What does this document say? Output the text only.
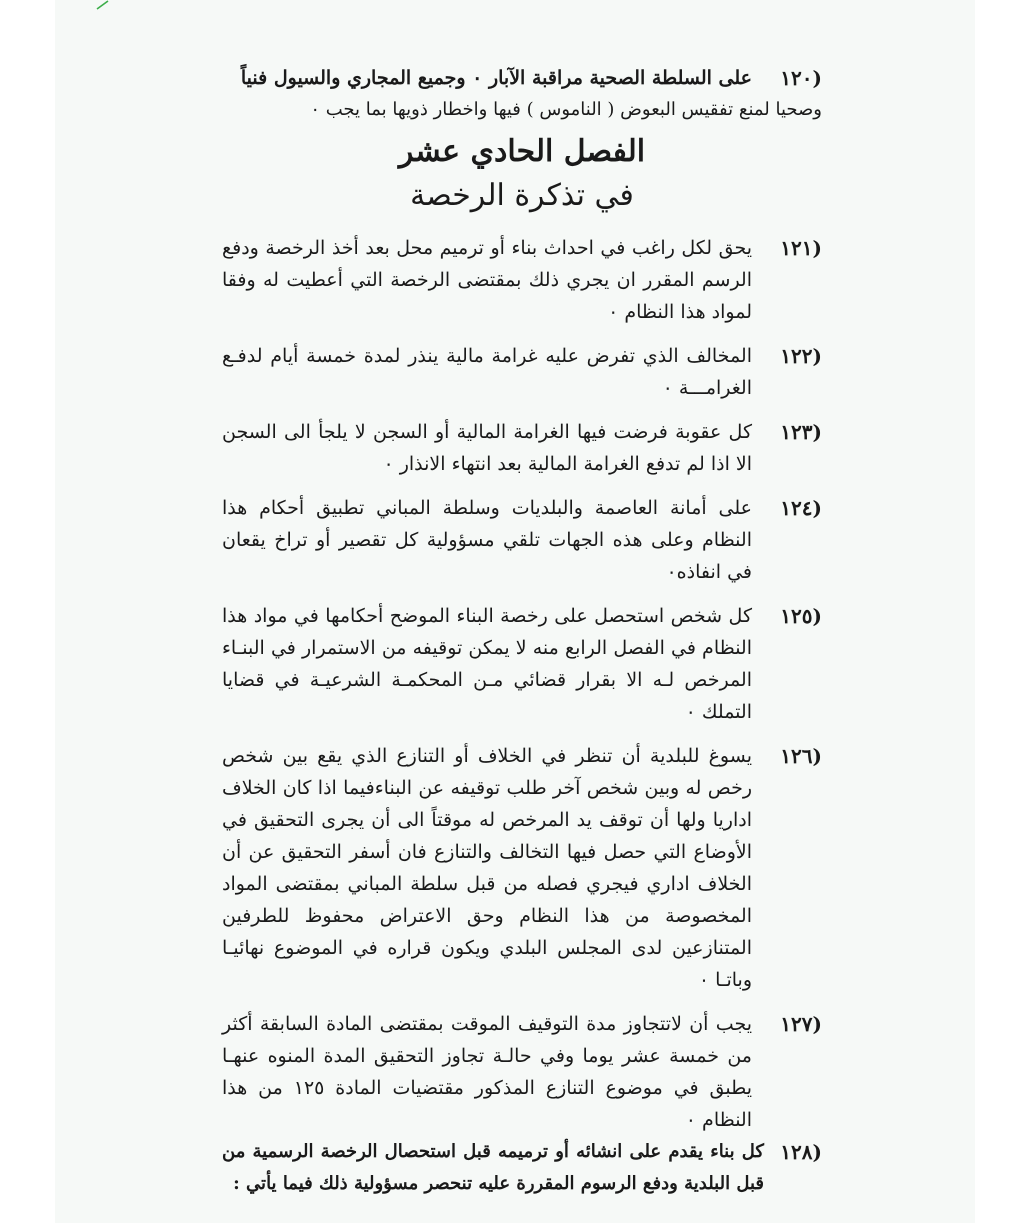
(١٢٠
على السلطة الصحية مراقبة الآبار ٠ وجميع المجاري والسيول فنياً
وصحيا لمنع تفقيس البعوض ( الناموس ) فيها واخطار ذويها بما يجب ٠
الفصل الحادي عشر
في تذكرة الرخصة
(١٢١
يحق لكل راغب في احداث بناء أو ترميم محل بعد أخذ الرخصة ودفع الرسم المقرر ان يجري ذلك بمقتضى الرخصة التي أعطيت له وفقا لمواد هذا النظام ٠
(١٢٢
المخالف الذي تفرض عليه غرامة مالية ينذر لمدة خمسة أيام لدفـع الغرامـــة ٠
(١٢٣
كل عقوبة فرضت فيها الغرامة المالية أو السجن لا يلجأ الى السجن الا اذا لم تدفع الغرامة المالية بعد انتهاء الانذار ٠
(١٢٤
على أمانة العاصمة والبلديات وسلطة المباني تطبيق أحكام هذا النظام وعلى هذه الجهات تلقي مسؤولية كل تقصير أو تراخ يقعان في انفاذه٠
(١٢٥
كل شخص استحصل على رخصة البناء الموضح أحكامها في مواد هذا النظام في الفصل الرابع منه لا يمكن توقيفه من الاستمرار في البنـاء المرخص لـه الا بقرار قضائي مـن المحكمـة الشرعيـة في قضايا التملك ٠
(١٢٦
يسوغ للبلدية أن تنظر في الخلاف أو التنازع الذي يقع بين شخص رخص له وبين شخص آخر طلب توقيفه عن البناءفيما اذا كان الخلاف اداريا ولها أن توقف يد المرخص له موقتاً الى أن يجرى التحقيق في الأوضاع التي حصل فيها التخالف والتنازع فان أسفر التحقيق عن أن الخلاف اداري فيجري فصله من قبل سلطة المباني بمقتضى المواد المخصوصة من هذا النظام وحق الاعتراض محفوظ للطرفين المتنازعين لدى المجلس البلدي ويكون قراره في الموضوع نهائيـا وباتـا ٠
(١٢٧
يجب أن لاتتجاوز مدة التوقيف الموقت بمقتضى المادة السابقة أكثر من خمسة عشر يوما وفي حالـة تجاوز التحقيق المدة المنوه عنهـا يطبق في موضوع التنازع المذكور مقتضيات المادة ١٢٥ من هذا النظام ٠
(١٢٨
كل بناء يقدم على انشائه أو ترميمه قبل استحصال الرخصة الرسمية من قبل البلدية ودفع الرسوم المقررة عليه تنحصر مسؤولية ذلك فيما يأتي :
